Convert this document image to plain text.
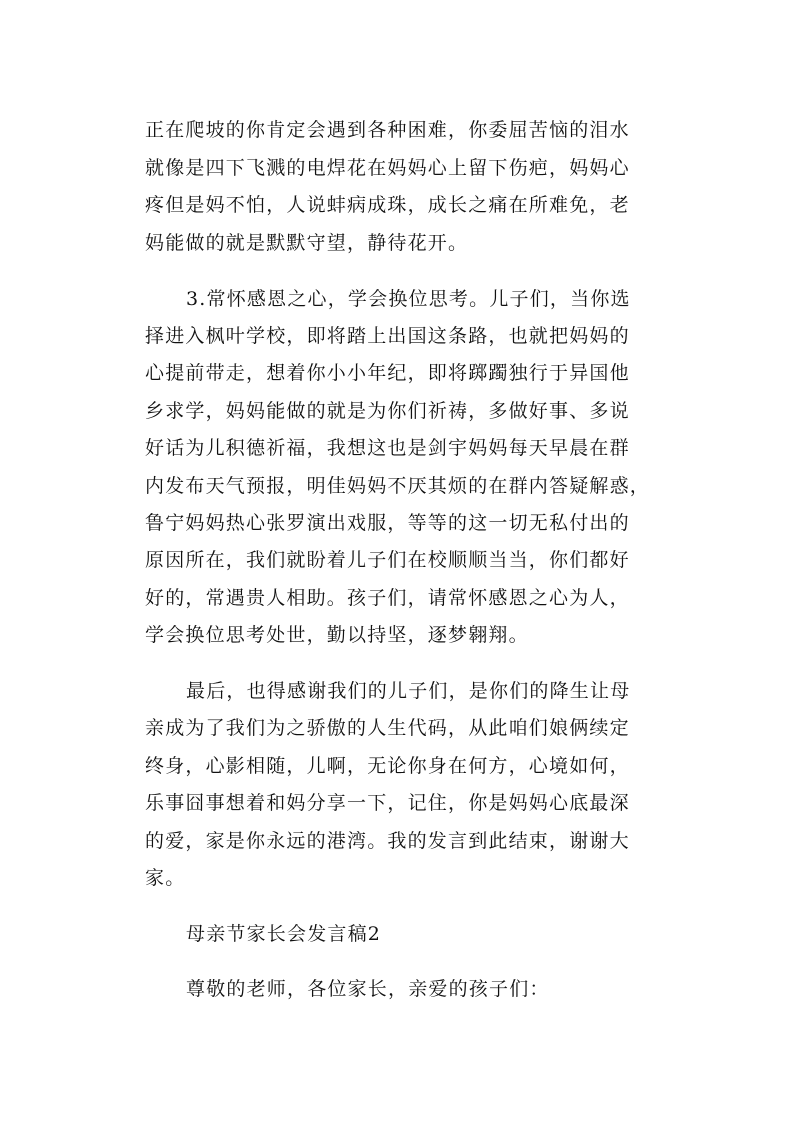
正在爬坡的你肯定会遇到各种困难，你委屈苦恼的泪水
就像是四下飞溅的电焊花在妈妈心上留下伤疤，妈妈心
疼但是妈不怕，人说蚌病成珠，成长之痛在所难免，老
妈能做的就是默默守望，静待花开。
3.常怀感恩之心，学会换位思考。儿子们，当你选
择进入枫叶学校，即将踏上出国这条路，也就把妈妈的
心提前带走，想着你小小年纪，即将踯躅独行于异国他
乡求学，妈妈能做的就是为你们祈祷，多做好事、多说
好话为儿积德祈福，我想这也是剑宇妈妈每天早晨在群
内发布天气预报，明佳妈妈不厌其烦的在群内答疑解惑，
鲁宁妈妈热心张罗演出戏服，等等的这一切无私付出的
原因所在，我们就盼着儿子们在校顺顺当当，你们都好
好的，常遇贵人相助。孩子们，请常怀感恩之心为人，
学会换位思考处世，勤以持坚，逐梦翱翔。
最后，也得感谢我们的儿子们，是你们的降生让母
亲成为了我们为之骄傲的人生代码，从此咱们娘俩续定
终身，心影相随，儿啊，无论你身在何方，心境如何，
乐事囧事想着和妈分享一下，记住，你是妈妈心底最深
的爱，家是你永远的港湾。我的发言到此结束，谢谢大
家。
母亲节家长会发言稿2
尊敬的老师，各位家长，亲爱的孩子们：
